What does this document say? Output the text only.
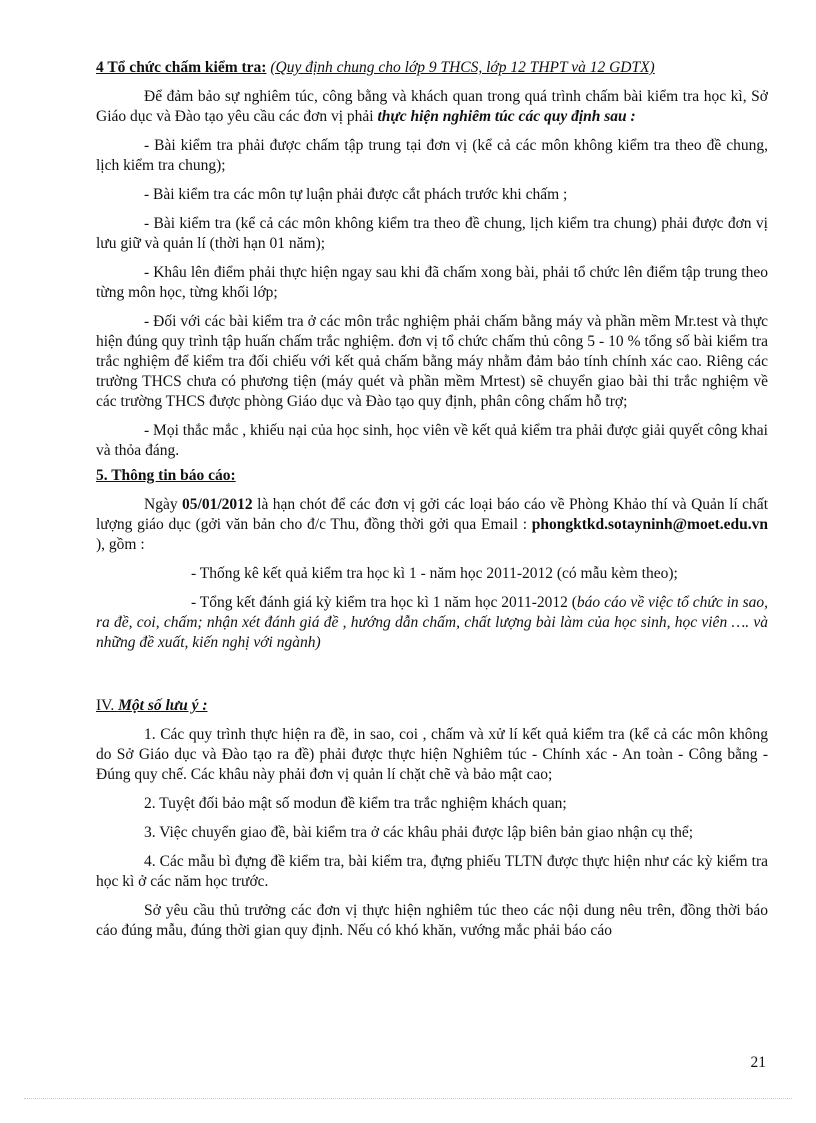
4 Tổ chức chấm kiểm tra: (Quy định chung cho lớp 9 THCS, lớp 12 THPT và 12 GDTX)

Để đảm bảo sự nghiêm túc, công bằng và khách quan trong quá trình chấm bài kiểm tra học kì, Sở Giáo dục và Đào tạo yêu cầu các đơn vị phải thực hiện nghiêm túc các quy định sau :

- Bài kiểm tra phải được chấm tập trung tại đơn vị (kể cả các môn không kiểm tra theo đề chung, lịch kiểm tra chung);

- Bài kiểm tra các môn tự luận phải được cắt phách trước khi chấm ;

- Bài kiểm tra (kể cả các môn không kiểm tra theo đề chung, lịch kiểm tra chung) phải được đơn vị lưu giữ và quản lí (thời hạn 01 năm);

- Khâu lên điểm phải thực hiện ngay sau khi đã chấm xong bài, phải tổ chức lên điểm tập trung theo từng môn học, từng khối lớp;

- Đối với các bài kiểm tra ở các môn trắc nghiệm phải chấm bằng máy và phần mềm Mr.test và thực hiện đúng quy trình tập huấn chấm trắc nghiệm. đơn vị tổ chức chấm thủ công 5 - 10 % tổng số bài kiểm tra trắc nghiệm để kiểm tra đối chiếu với kết quả chấm bằng máy nhằm đảm bảo tính chính xác cao. Riêng các trường THCS chưa có phương tiện (máy quét và phần mềm Mrtest) sẽ chuyển giao bài thi trắc nghiệm về các trường THCS được phòng Giáo dục và Đào tạo quy định, phân công chấm hỗ trợ;

- Mọi thắc mắc , khiếu nại của học sinh, học viên về kết quả kiểm tra phải được giải quyết công khai và thỏa đáng.

5. Thông tin báo cáo:

Ngày 05/01/2012 là hạn chót để các đơn vị gởi các loại báo cáo về Phòng Khảo thí và Quản lí chất lượng giáo dục (gởi văn bản cho đ/c Thu, đồng thời gởi qua Email : phongktkd.sotayninh@moet.edu.vn ), gồm :

- Thống kê kết quả kiểm tra học kì 1 - năm học 2011-2012 (có mẫu kèm theo);

- Tổng kết đánh giá kỳ kiểm tra học kì 1 năm học 2011-2012 (báo cáo về việc tổ chức in sao, ra đề, coi, chấm; nhận xét đánh giá đề , hướng dẫn chấm, chất lượng bài làm của học sinh, học viên …. và những đề xuất, kiến nghị với ngành)

IV. Một số lưu ý :

1. Các quy trình thực hiện ra đề, in sao, coi , chấm và xử lí kết quả kiểm tra (kể cả các môn không do Sở Giáo dục và Đào tạo ra đề) phải được thực hiện Nghiêm túc - Chính xác - An toàn - Công bằng - Đúng quy chế. Các khâu này phải đơn vị quản lí chặt chẽ và bảo mật cao;

2. Tuyệt đối bảo mật số modun đề kiểm tra trắc nghiệm khách quan;

3. Việc chuyển giao đề, bài kiểm tra ở các khâu phải được lập biên bản giao nhận cụ thể;

4. Các mẫu bì đựng đề kiểm tra, bài kiểm tra, đựng phiếu TLTN được thực hiện như các kỳ kiểm tra học kì ở các năm học trước.

Sở yêu cầu thủ trưởng các đơn vị thực hiện nghiêm túc theo các nội dung nêu trên, đồng thời báo cáo đúng mẫu, đúng thời gian quy định. Nếu có khó khăn, vướng mắc phải báo cáo

21
